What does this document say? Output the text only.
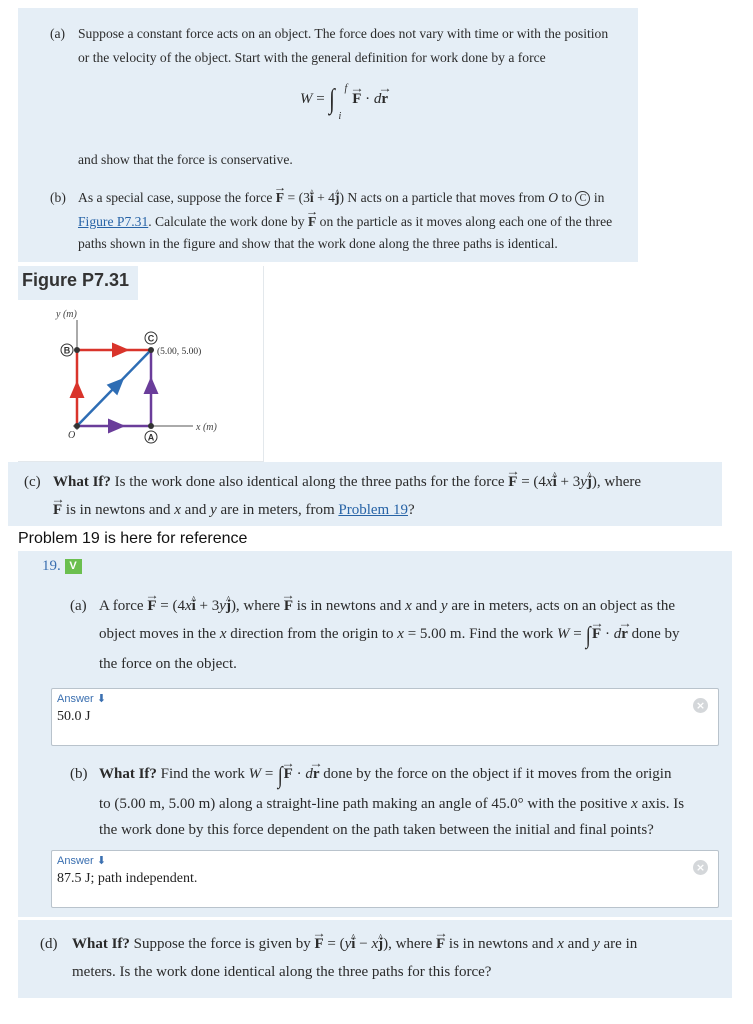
(a) Suppose a constant force acts on an object. The force does not vary with time or with the position
or the velocity of the object. Start with the general definition for work done by a force
W = ∫ f
i
→ F · d→ r
and show that the force is conservative.
(b) As a special case, suppose the force → F = (3^ i + 4^ j) N acts on a particle that moves from O to C in
Figure P7.31. Calculate the work done by → F on the particle as it moves along each one of the three
paths shown in the figure and show that the work done along the three paths is identical.
Figure P7.31
B
C
A
y (m)
x (m)
(5.00, 5.00)
O
(c) What If? Is the work done also identical along the three paths for the force → F = (4x^ i + 3y^ j), where
→ F is in newtons and x and y are in meters, from Problem 19?
Problem 19 is here for reference
19. V
(a) A force → F = (4x^ i + 3y^ j), where → F is in newtons and x and y are in meters, acts on an object as the
object moves in the x direction from the origin to x = 5.00 m. Find the work W = ∫→ F · d→ r done by
the force on the object.
Answer ⬇
50.0 J
×
(b) What If? Find the work W = ∫→ F · d→ r done by the force on the object if it moves from the origin
to (5.00 m, 5.00 m) along a straight-line path making an angle of 45.0° with the positive x axis. Is
the work done by this force dependent on the path taken between the initial and final points?
Answer ⬇
87.5 J; path independent.
×
(d) What If? Suppose the force is given by → F = (y^ i − x^ j), where → F is in newtons and x and y are in
meters. Is the work done identical along the three paths for this force?
